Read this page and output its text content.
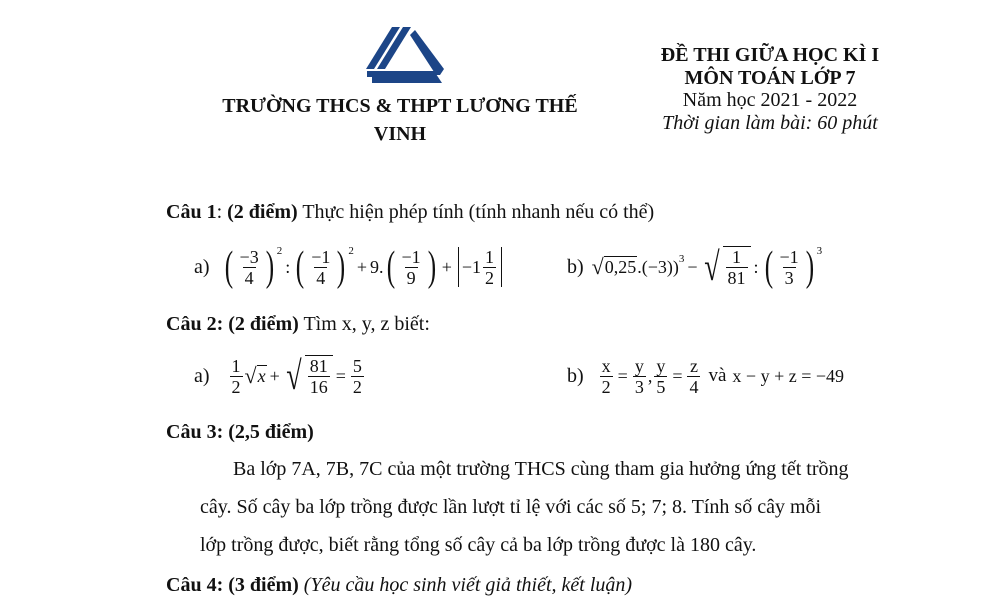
TRƯỜNG THCS & THPT LƯƠNG THẾ
VINH
ĐỀ THI GIỮA HỌC KÌ I
MÔN TOÁN LỚP 7
Năm học 2021 - 2022
Thời gian làm bài: 60 phút
Câu 1: (2 điểm) Thực hiện phép tính (tính nhanh nếu có thể)
a) ( $\frac{-3}{4}$ ) 2
: ( $\frac{-1}{4}$ ) 2
+ 9. ( $\frac{-1}{9}$ ) + $-1 \frac{1}{2}$	b) √ 0,25 .(−3) ) 3 − √ $\frac{1}{81}$ : ( $\frac{-1}{3}$ ) 3
Câu 2: (2 điểm) Tìm x, y, z biết:
$a) \frac{1}{2}$ √ x + √ $\frac{81}{16} = \frac{5}{2}$	$b) \frac{x}{2} = \frac{y}{3}$ , $\frac{y}{5} = \frac{z}{4}$ và x − y + z = −49
Câu 3: (2,5 điểm)
Ba lớp 7A, 7B, 7C của một trường THCS cùng tham gia hưởng ứng tết trồng
cây. Số cây ba lớp trồng được lần lượt tỉ lệ với các số 5; 7; 8. Tính số cây mỗi
lớp trồng được, biết rằng tổng số cây cả ba lớp trồng được là 180 cây.
Câu 4: (3 điểm) (Yêu cầu học sinh viết giả thiết, kết luận)
